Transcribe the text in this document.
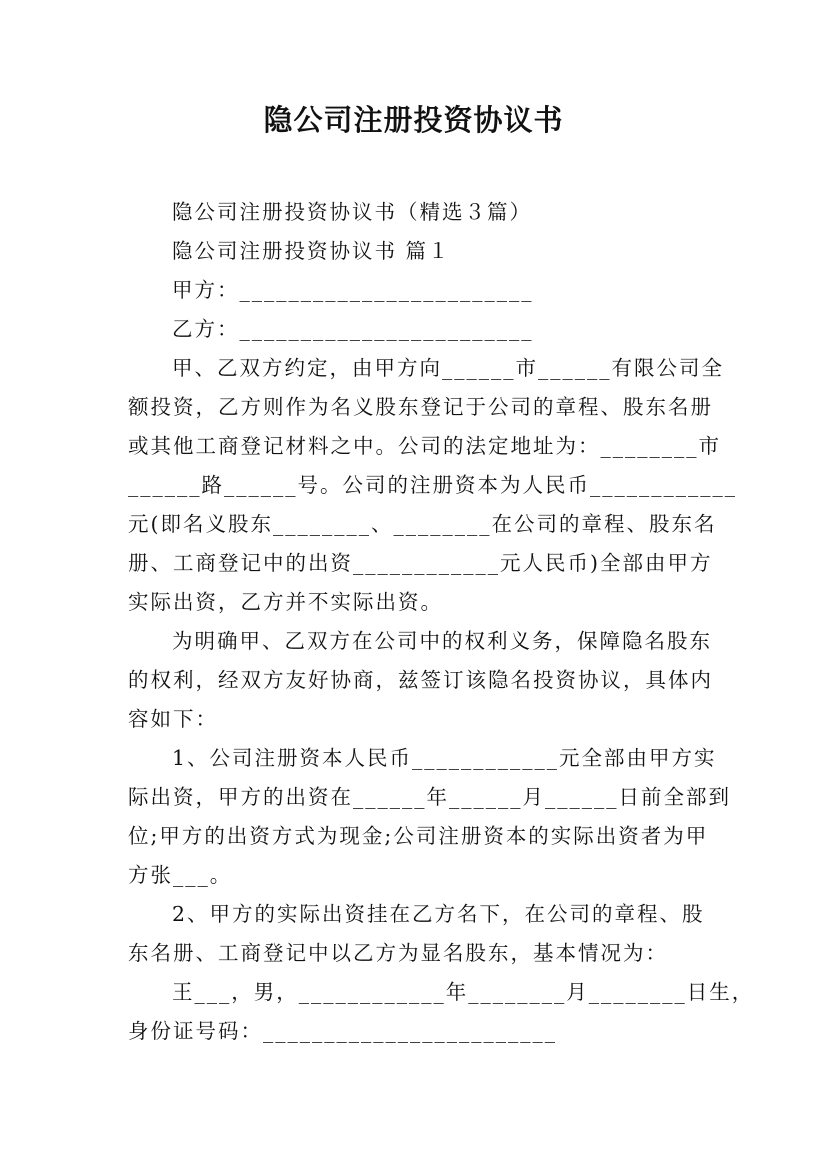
隐公司注册投资协议书
隐公司注册投资协议书（精选３篇）
隐公司注册投资协议书 篇１
甲方：________________________
乙方：________________________
甲、乙双方约定，由甲方向______市______有限公司全
额投资，乙方则作为名义股东登记于公司的章程、股东名册
或其他工商登记材料之中。公司的法定地址为：________市
______路______号。公司的注册资本为人民币____________
元(即名义股东________、________在公司的章程、股东名
册、工商登记中的出资____________元人民币)全部由甲方
实际出资，乙方并不实际出资。
为明确甲、乙双方在公司中的权利义务，保障隐名股东
的权利，经双方友好协商，兹签订该隐名投资协议，具体内
容如下：
1、公司注册资本人民币____________元全部由甲方实
际出资，甲方的出资在______年______月______日前全部到
位;甲方的出资方式为现金;公司注册资本的实际出资者为甲
方张___。
2、甲方的实际出资挂在乙方名下，在公司的章程、股
东名册、工商登记中以乙方为显名股东，基本情况为：
王___，男，____________年________月________日生，
身份证号码：________________________
